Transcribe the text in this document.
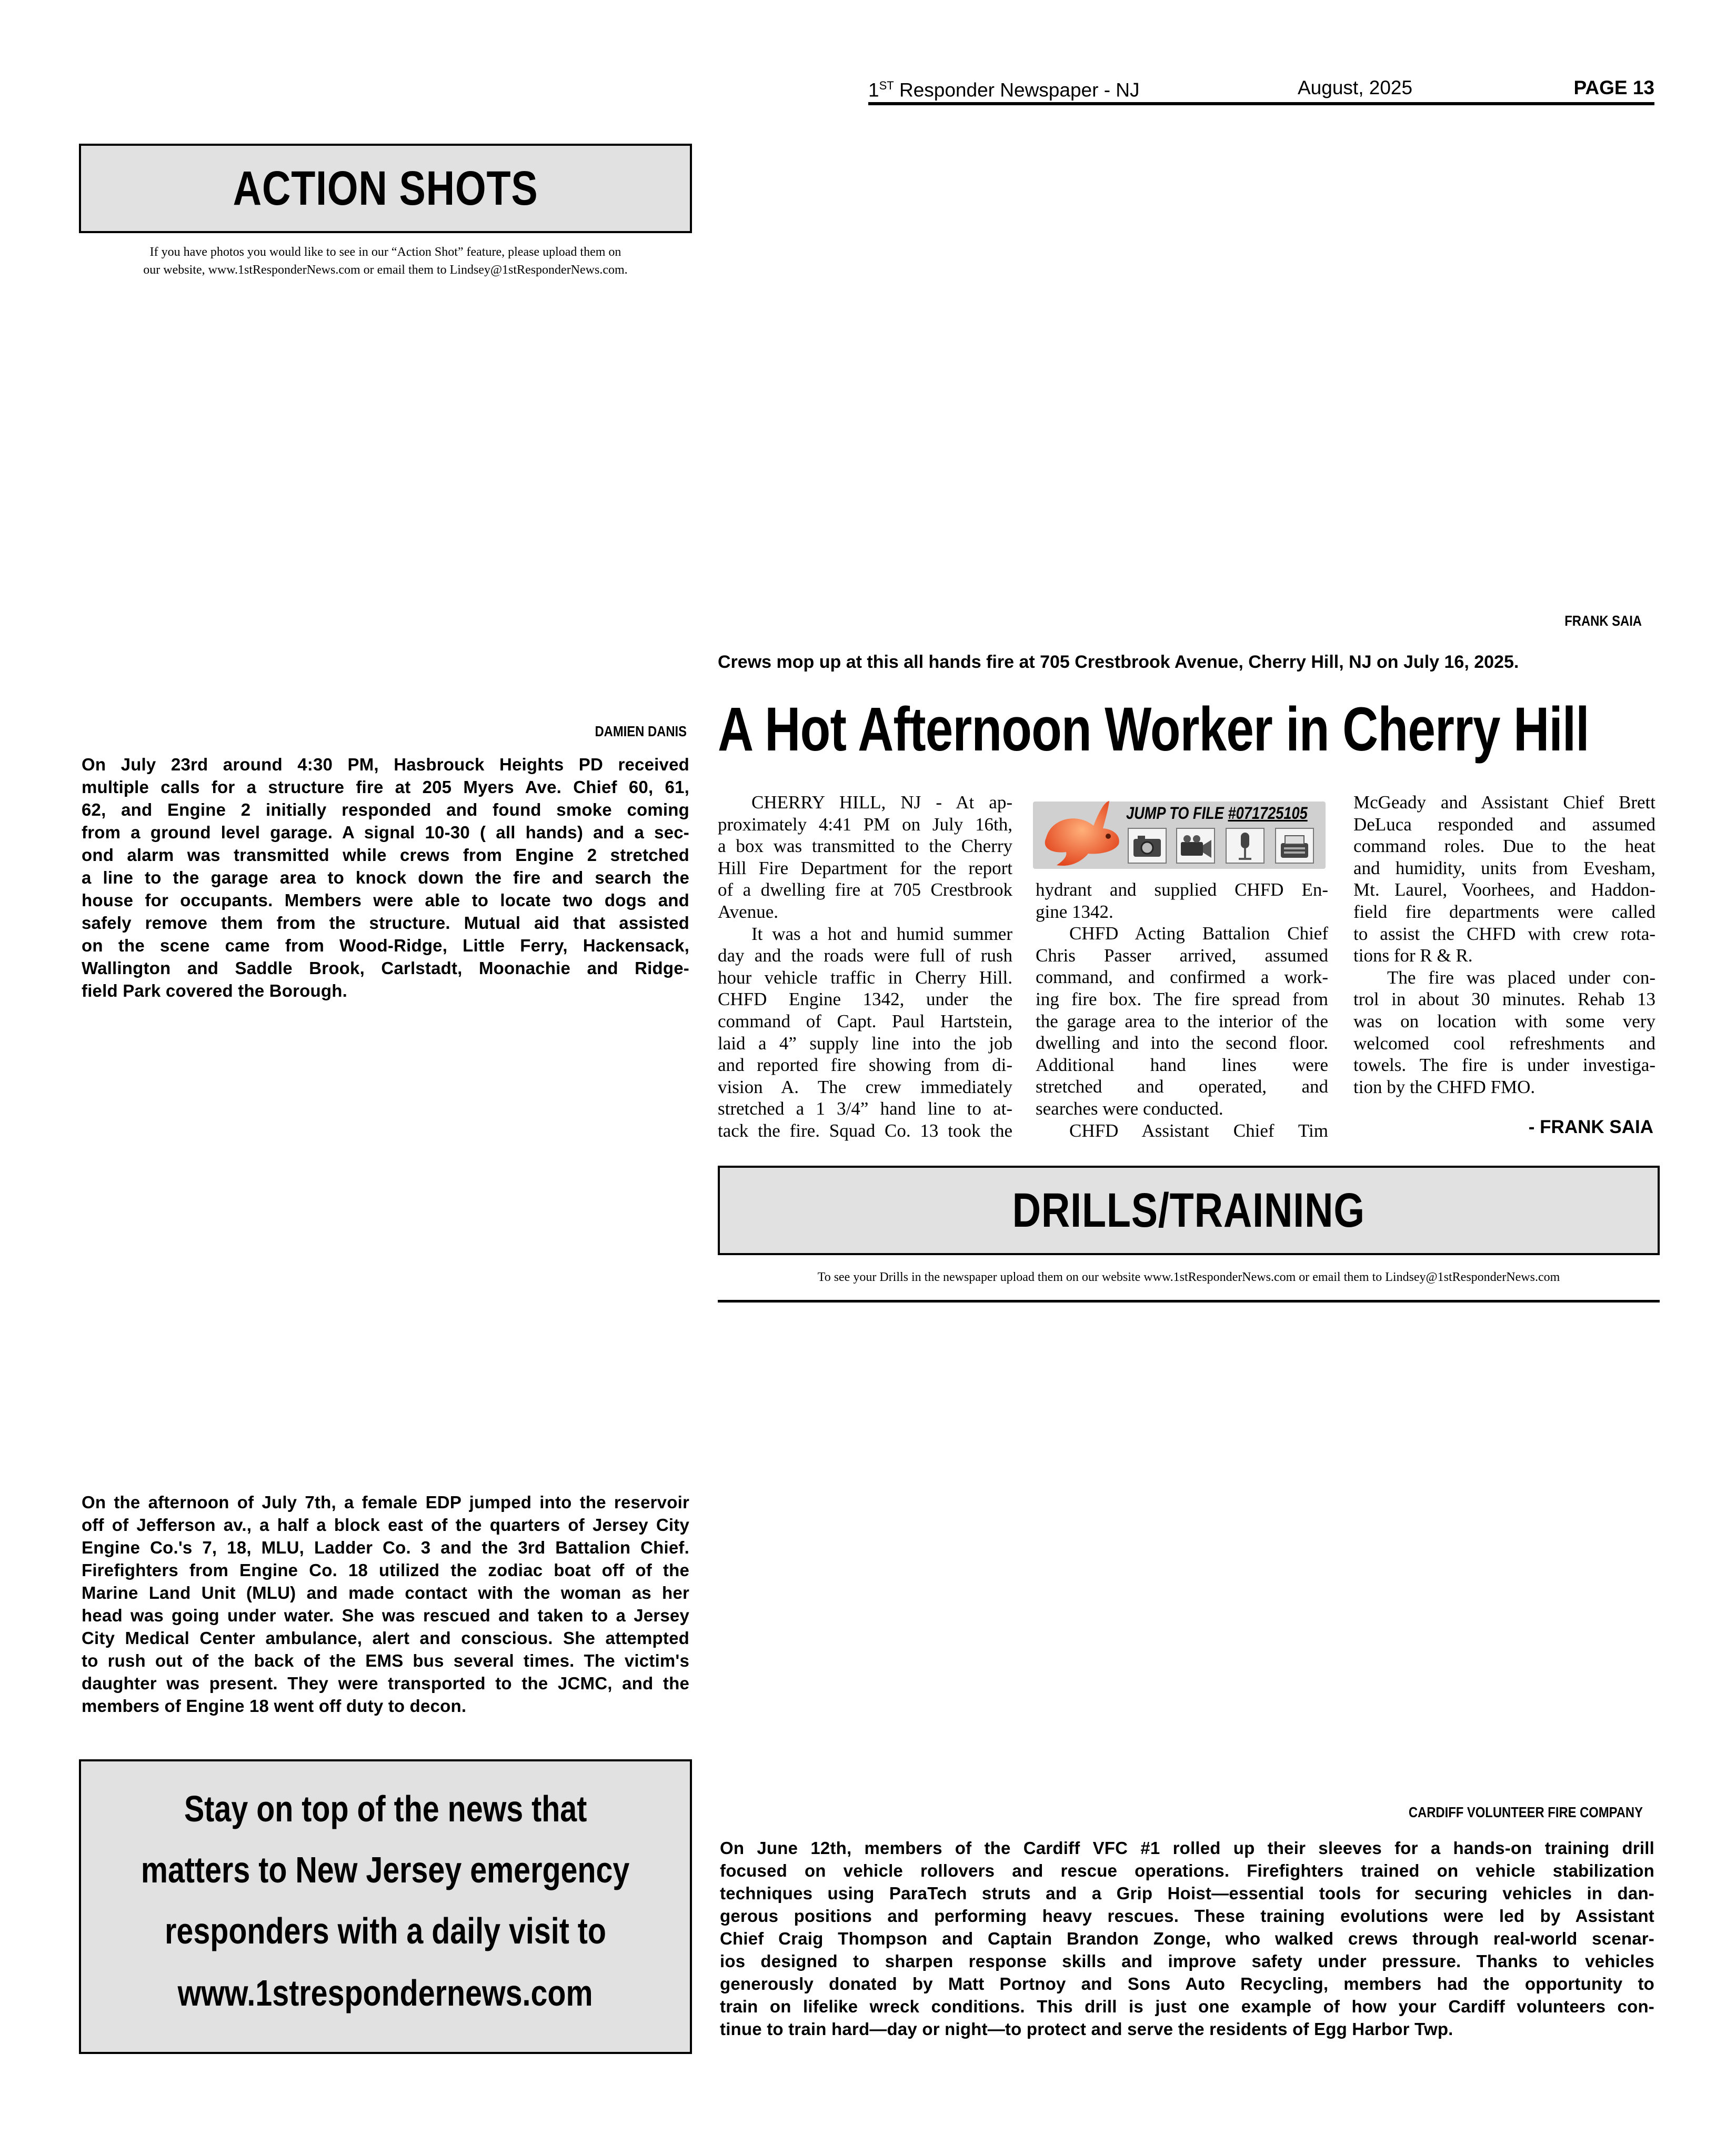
1ST Responder Newspaper - NJ	August, 2025	PAGE 13
ACTION SHOTS
If you have photos you would like to see in our “Action Shot” feature, please upload them on
our website, www.1stResponderNews.com or email them to Lindsey@1stResponderNews.com.
FRANK SAIA
Crews mop up at this all hands fire at 705 Crestbrook Avenue, Cherry Hill, NJ on July 16, 2025.
DAMIEN DANIS
On July 23rd around 4:30 PM, Hasbrouck Heights PD received
multiple calls for a structure fire at 205 Myers Ave. Chief 60, 61,
62, and Engine 2 initially responded and found smoke coming
from a ground level garage. A signal 10-30 ( all hands) and a sec-
ond alarm was transmitted while crews from Engine 2 stretched
a line to the garage area to knock down the fire and search the
house for occupants. Members were able to locate two dogs and
safely remove them from the structure. Mutual aid that assisted
on the scene came from Wood-Ridge, Little Ferry, Hackensack,
Wallington and Saddle Brook, Carlstadt, Moonachie and Ridge-
field Park covered the Borough.
A Hot Afternoon Worker in Cherry Hill
CHERRY HILL, NJ - At ap-
proximately 4:41 PM on July 16th,
a box was transmitted to the Cherry
Hill Fire Department for the report
of a dwelling fire at 705 Crestbrook
Avenue.
It was a hot and humid summer
day and the roads were full of rush
hour vehicle traffic in Cherry Hill.
CHFD Engine 1342, under the
command of Capt. Paul Hartstein,
laid a 4” supply line into the job
and reported fire showing from di-
vision A. The crew immediately
stretched a 1 3/4” hand line to at-
tack the fire. Squad Co. 13 took the
JUMP TO FILE #071725105
hydrant and supplied CHFD En-
gine 1342.
CHFD Acting Battalion Chief
Chris Passer arrived, assumed
command, and confirmed a work-
ing fire box. The fire spread from
the garage area to the interior of the
dwelling and into the second floor.
Additional hand lines were
stretched and operated, and
searches were conducted.
CHFD Assistant Chief Tim
McGeady and Assistant Chief Brett
DeLuca responded and assumed
command roles. Due to the heat
and humidity, units from Evesham,
Mt. Laurel, Voorhees, and Haddon-
field fire departments were called
to assist the CHFD with crew rota-
tions for R & R.
The fire was placed under con-
trol in about 30 minutes. Rehab 13
was on location with some very
welcomed cool refreshments and
towels. The fire is under investiga-
tion by the CHFD FMO.
- FRANK SAIA
DRILLS/TRAINING
To see your Drills in the newspaper upload them on our website www.1stResponderNews.com or email them to Lindsey@1stResponderNews.com
On the afternoon of July 7th, a female EDP jumped into the reservoir
off of Jefferson av., a half a block east of the quarters of Jersey City
Engine Co.'s 7, 18, MLU, Ladder Co. 3 and the 3rd Battalion Chief.
Firefighters from Engine Co. 18 utilized the zodiac boat off of the
Marine Land Unit (MLU) and made contact with the woman as her
head was going under water. She was rescued and taken to a Jersey
City Medical Center ambulance, alert and conscious. She attempted
to rush out of the back of the EMS bus several times. The victim's
daughter was present. They were transported to the JCMC, and the
members of Engine 18 went off duty to decon.
Stay on top of the news that
matters to New Jersey emergency
responders with a daily visit to
www.1strespondernews.com
CARDIFF VOLUNTEER FIRE COMPANY
On June 12th, members of the Cardiff VFC #1 rolled up their sleeves for a hands-on training drill
focused on vehicle rollovers and rescue operations. Firefighters trained on vehicle stabilization
techniques using ParaTech struts and a Grip Hoist—essential tools for securing vehicles in dan-
gerous positions and performing heavy rescues. These training evolutions were led by Assistant
Chief Craig Thompson and Captain Brandon Zonge, who walked crews through real-world scenar-
ios designed to sharpen response skills and improve safety under pressure. Thanks to vehicles
generously donated by Matt Portnoy and Sons Auto Recycling, members had the opportunity to
train on lifelike wreck conditions. This drill is just one example of how your Cardiff volunteers con-
tinue to train hard—day or night—to protect and serve the residents of Egg Harbor Twp.
